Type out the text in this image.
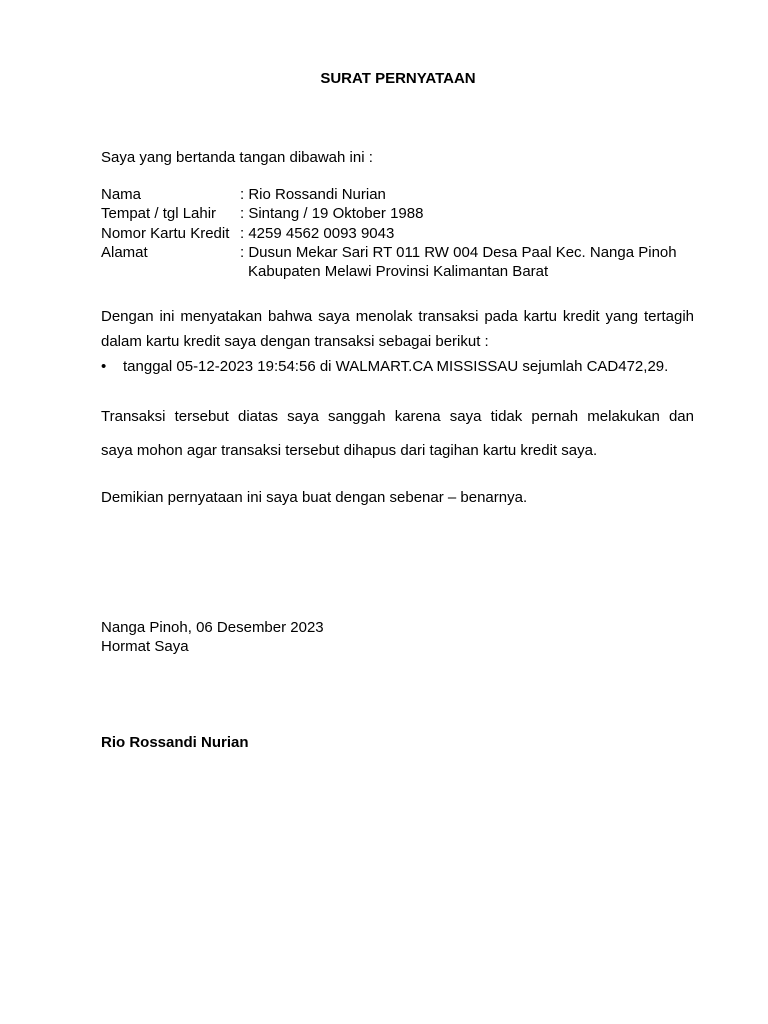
SURAT PERNYATAAN
Saya yang bertanda tangan dibawah ini :
Nama	: Rio Rossandi Nurian
Tempat / tgl Lahir : Sintang / 19 Oktober 1988
Nomor Kartu Kredit : 4259 4562 0093 9043
Alamat	: Dusun Mekar Sari RT 011 RW 004 Desa Paal Kec. Nanga Pinoh
Kabupaten Melawi Provinsi Kalimantan Barat
Dengan ini menyatakan bahwa saya menolak transaksi pada kartu kredit yang tertagih
dalam kartu kredit saya dengan transaksi sebagai berikut :
• tanggal 05-12-2023 19:54:56 di WALMART.CA MISSISSAU sejumlah CAD472,29.
Transaksi tersebut diatas saya sanggah karena saya tidak pernah melakukan dan
saya mohon agar transaksi tersebut dihapus dari tagihan kartu kredit saya.
Demikian pernyataan ini saya buat dengan sebenar – benarnya.
Nanga Pinoh, 06 Desember 2023
Hormat Saya
Rio Rossandi Nurian
